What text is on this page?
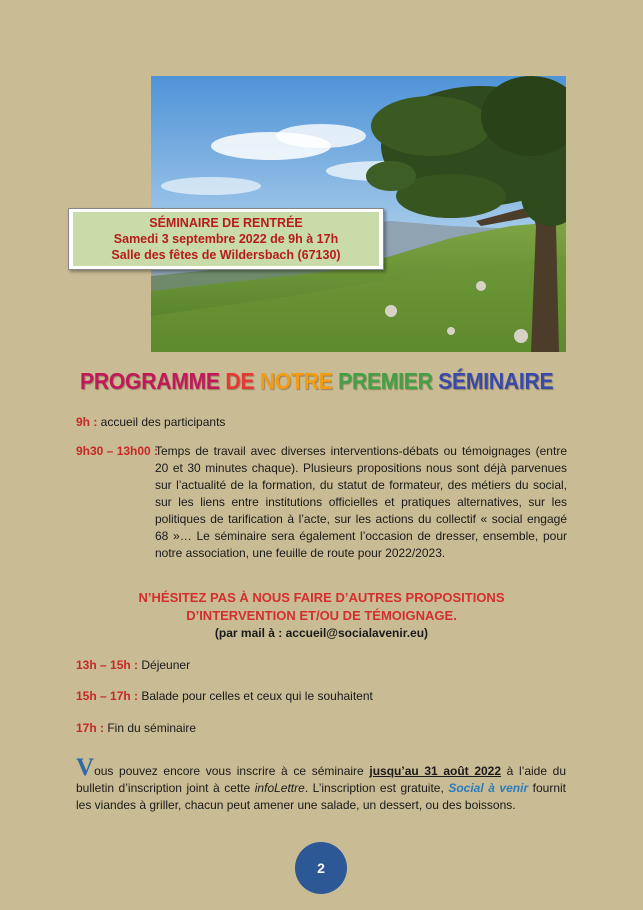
SÉMINAIRE DE RENTRÉE
Samedi 3 septembre 2022 de 9h à 17h
Salle des fêtes de Wildersbach (67130)
PROGRAMME DE NOTRE PREMIER SÉMINAIRE
9h : accueil des participants
9h30 – 13h00 :
Temps de travail avec diverses interventions-débats ou témoignages (entre 20 et 30 minutes chaque). Plusieurs propositions nous sont déjà parvenues sur l’actualité de la formation, du statut de formateur, des métiers du social, sur les liens entre institutions officielles et pratiques alternatives, sur les politiques de tarification à l’acte, sur les actions du collectif « social engagé 68 »… Le séminaire sera également l’occasion de dresser, ensemble, pour notre association, une feuille de route pour 2022/2023.
N’HÉSITEZ PAS À NOUS FAIRE D’AUTRES PROPOSITIONS
D’INTERVENTION ET/OU DE TÉMOIGNAGE.
(par mail à : accueil@socialavenir.eu)
13h – 15h : Déjeuner
15h – 17h : Balade pour celles et ceux qui le souhaitent
17h : Fin du séminaire
Vous pouvez encore vous inscrire à ce séminaire jusqu’au 31 août 2022 à l’aide du bulletin d’inscription joint à cette infoLettre. L’inscription est gratuite, Social à venir fournit les viandes à griller, chacun peut amener une salade, un dessert, ou des boissons.
2
